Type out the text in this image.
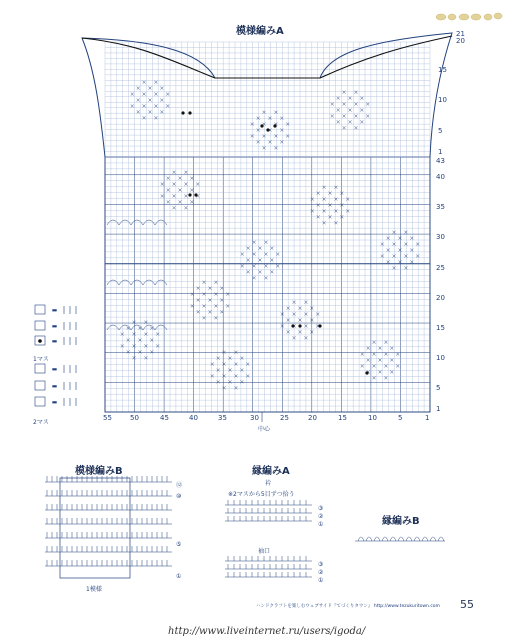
=
=
=
=
=
=
模様編みA	21
20
15
10
5
1
43
40
35
30
25
20
15
10
5
1
55	50	45	40	35	30	25	20	15	10	5	1
中心
1マス
2マス
模様編みB
⑫
⑩
⑤
①
1模様
縁編みA
衿
※2マスから5目ずつ拾う
③
②
①
袖口
③
②
①
縁編みB
ハンドクラフトを楽しむウェブサイド『てづくりタウン』 http://www.tezukuritown.com 55
http://www.liveinternet.ru/users/igoda/
